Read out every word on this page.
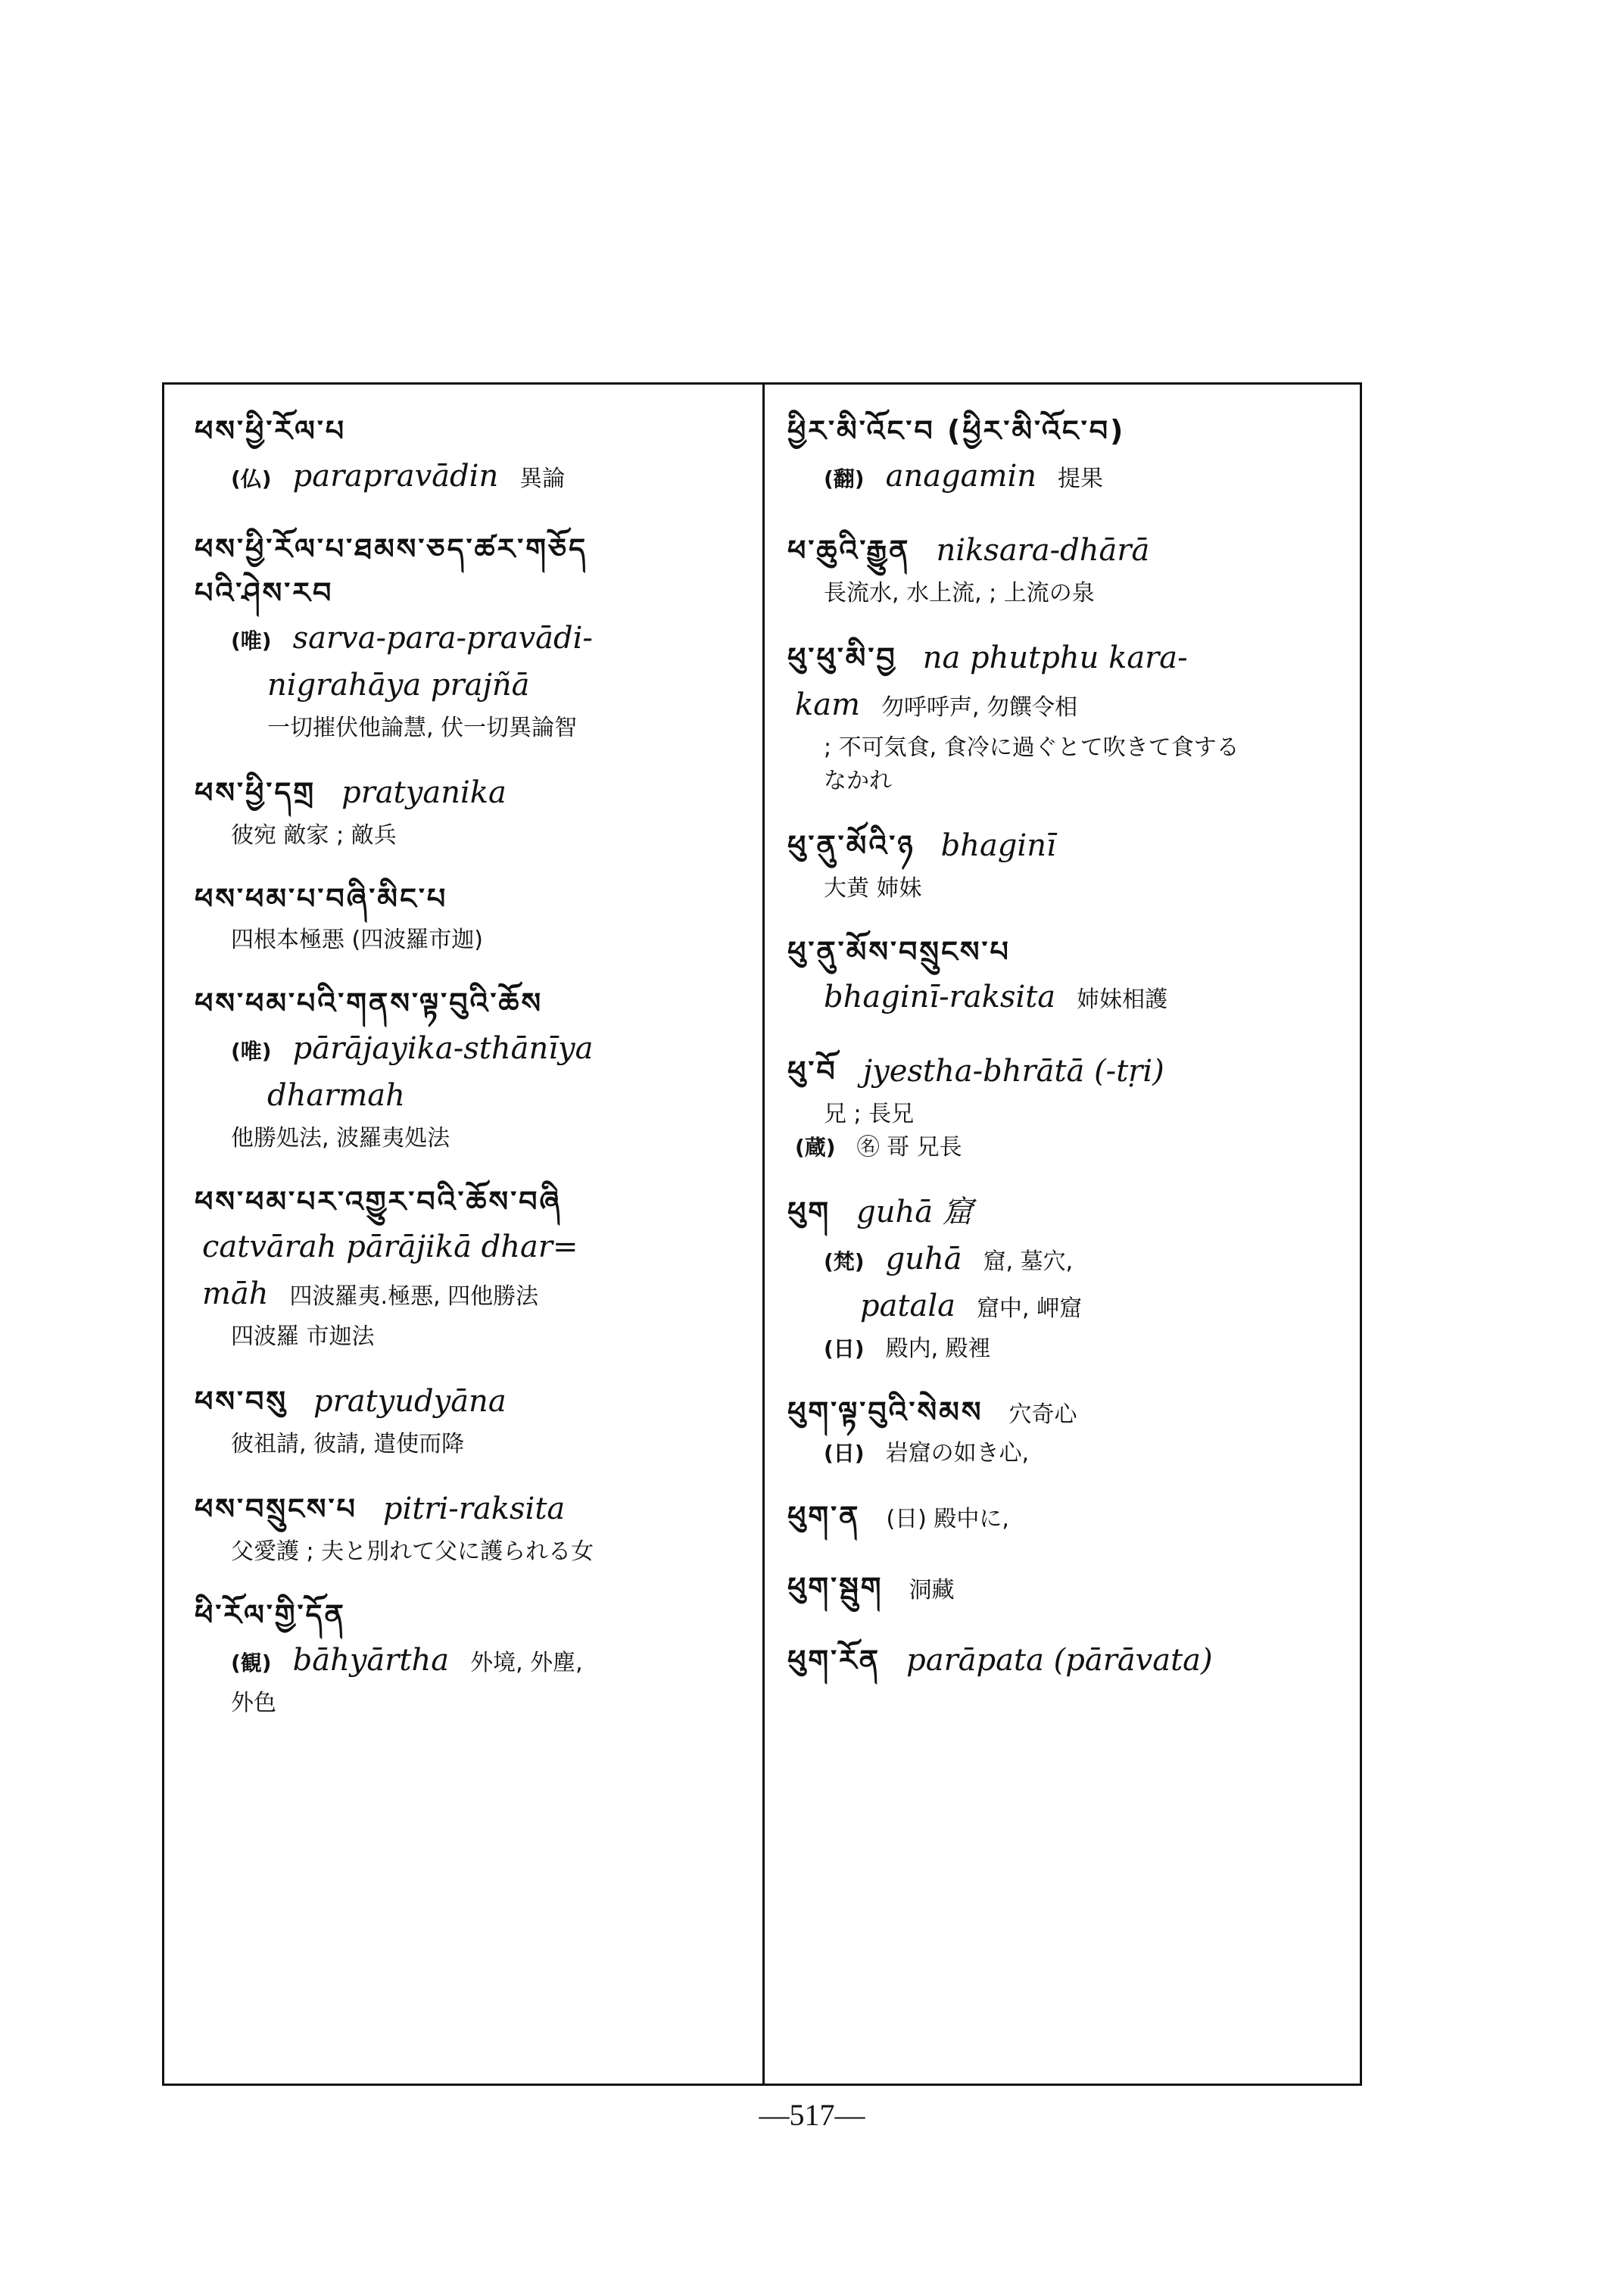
ཕས་ཕྱི་རོལ་པ
(仏) parapravādin 異論
ཕས་ཕྱི་རོལ་པ་ཐམས་ཅད་ཚར་གཅོད
པའི་ཤེས་རབ
(唯) sarva-para-pravādi-
nigrahāya prajñā
一切摧伏他論慧, 伏一切異論智
ཕས་ཕྱི་དགྲ pratyanika
彼宛 敵家 ; 敵兵
ཕས་ཕམ་པ་བཞི་མིང་པ
四根本極悪 (四波羅市迦)
ཕས་ཕམ་པའི་གནས་ལྟ་བུའི་ཆོས
(唯) pārājayika-sthānīya
dharmah
他勝処法, 波羅夷処法
ཕས་ཕམ་པར་འགྱུར་བའི་ཆོས་བཞི
catvārah pārājikā dhar=
māh 四波羅夷.極悪, 四他勝法
四波羅 市迦法
ཕས་བསུ pratyudyāna
彼祖請, 彼請, 遣使而降
ཕས་བསྲུངས་པ pitri-raksita
父愛護 ; 夫と別れて父に護られる女
ཕི་རོལ་གྱི་དོན
(観) bāhyārtha 外境, 外塵,
外色
ཕྱིར་མི་འོང་བ (ཕྱིར་མི་འོང་བ)
(翻) anagamin 提果
ཕ་ཆུའི་རྒྱུན niksara-dhārā
長流水, 水上流, ; 上流の泉
ཕུ་ཕུ་མི་བྱ na phutphu kara-
kam 勿呼呼声, 勿饌令相
; 不可気食, 食冷に過ぐとて吹きて食する
なかれ
ཕུ་ནུ་མོའི་ཉ bhaginī
大黄 姉妹
ཕུ་ནུ་མོས་བསྲུངས་པ
bhaginī-raksita 姉妹相護
ཕུ་བོ jyestha-bhrātā (-tṛi)
兄 ; 長兄
(蔵) ㊔ 哥 兄長
ཕུག guhā 窟
(梵) guhā 窟, 墓穴,
patala 窟中, 岬窟
(日) 殿内, 殿裡
ཕུག་ལྟ་བུའི་སེམས 穴奇心
(日) 岩窟の如き心,
ཕུག་ན (日) 殿中に,
ཕུག་སྦུག 洞藏
ཕུག་རོན parāpata (pārāvata)
—517—
